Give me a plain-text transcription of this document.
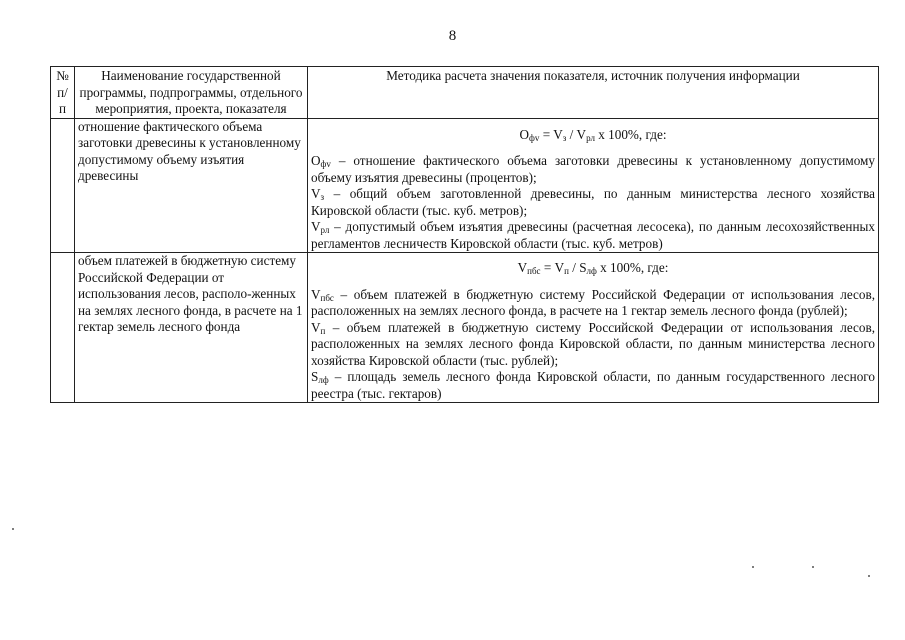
8
№ п/п	Наименование государственной программы, подпрограммы, отдельного мероприятия, проекта, показателя	Методика расчета значения показателя, источник получения информации
	отношение фактического объема заготовки древесины к установленному допустимому объему изъятия древесины	$О_{фv} = V_з / V_{рл}$ x 100%, где:

$О_{фv}$ – отношение фактического объема заготовки древесины к установленному допустимому объему изъятия древесины (процентов);

$V_з$ – общий объем заготовленной древесины, по данным министерства лесного хозяйства Кировской области (тыс. куб. метров);

$V_{рл}$ – допустимый объем изъятия древесины (расчетная лесосека), по данным лесохозяйственных регламентов лесничеств Кировской области (тыс. куб. метров)

	объем платежей в бюджетную систему Российской Федерации от использования лесов, располо-женных на землях лесного фонда, в расчете на 1 гектар земель лесного фонда	$V_{пбс} = V_п / S_{лф}$ x 100%, где:

$V_{пбс}$ – объем платежей в бюджетную систему Российской Федерации от использования лесов, расположенных на землях лесного фонда, в расчете на 1 гектар земель лесного фонда (рублей);

$V_п$ – объем платежей в бюджетную систему Российской Федерации от использования лесов, расположенных на землях лесного фонда Кировской области, по данным министерства лесного хозяйства Кировской области (тыс. рублей);

$S_{лф}$ – площадь земель лесного фонда Кировской области, по данным государственного лесного реестра (тыс. гектаров)
